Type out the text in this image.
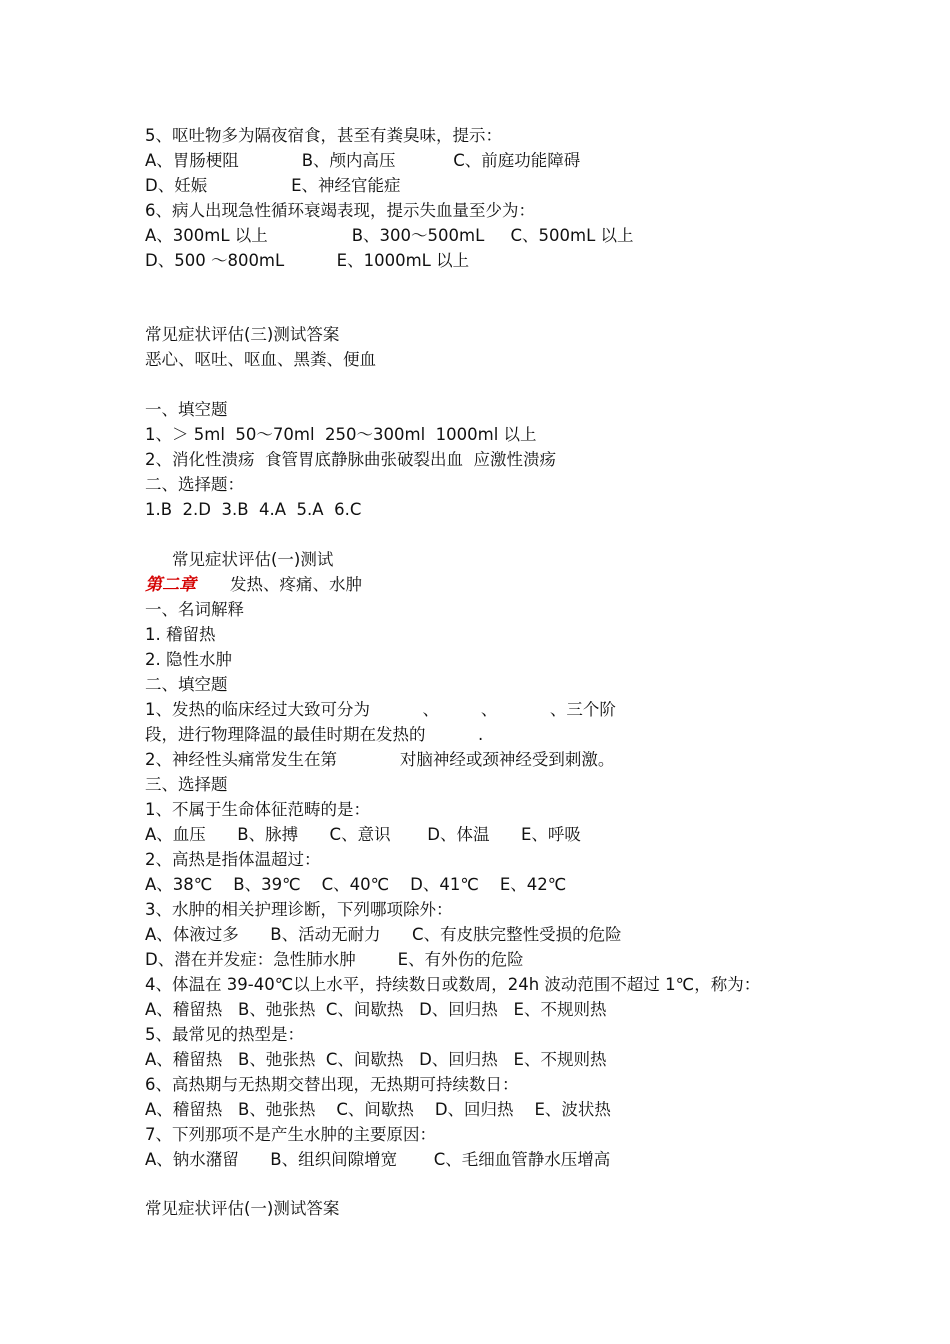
5、呕吐物多为隔夜宿食，甚至有粪臭味，提示：
A、胃肠梗阻            B、颅内高压           C、前庭功能障碍
D、妊娠                E、神经官能症
6、病人出现急性循环衰竭表现，提示失血量至少为：
A、300mL 以上                B、300～500mL     C、500mL 以上
D、500 ～800mL          E、1000mL 以上
常见症状评估(三)测试答案
恶心、呕吐、呕血、黑粪、便血
一、填空题
1、＞ 5ml  50～70ml  250～300ml  1000ml 以上
2、消化性溃疡  食管胃底静脉曲张破裂出血  应激性溃疡
二、选择题：
1.B  2.D  3.B  4.A  5.A  6.C
常见症状评估(一)测试
第二章 发热、疼痛、水肿
一、名词解释
1. 稽留热
2. 隐性水肿
二、填空题
1、发热的临床经过大致可分为          、        、          、三个阶
段，进行物理降温的最佳时期在发热的          .
2、神经性头痛常发生在第            对脑神经或颈神经受到刺激。
三、选择题
1、不属于生命体征范畴的是：
A、血压      B、脉搏      C、意识       D、体温      E、呼吸
2、高热是指体温超过：
A、38℃    B、39℃    C、40℃    D、41℃    E、42℃
3、水肿的相关护理诊断，下列哪项除外：
A、体液过多      B、活动无耐力      C、有皮肤完整性受损的危险
D、潜在并发症：急性肺水肿        E、有外伤的危险
4、体温在 39-40℃以上水平，持续数日或数周，24h 波动范围不超过 1℃，称为：
A、稽留热   B、弛张热  C、间歇热   D、回归热   E、不规则热
5、最常见的热型是：
A、稽留热   B、弛张热  C、间歇热   D、回归热   E、不规则热
6、高热期与无热期交替出现，无热期可持续数日：
A、稽留热   B、弛张热    C、间歇热    D、回归热    E、波状热
7、下列那项不是产生水肿的主要原因：
A、钠水潴留      B、组织间隙增宽       C、毛细血管静水压增高
常见症状评估(一)测试答案
